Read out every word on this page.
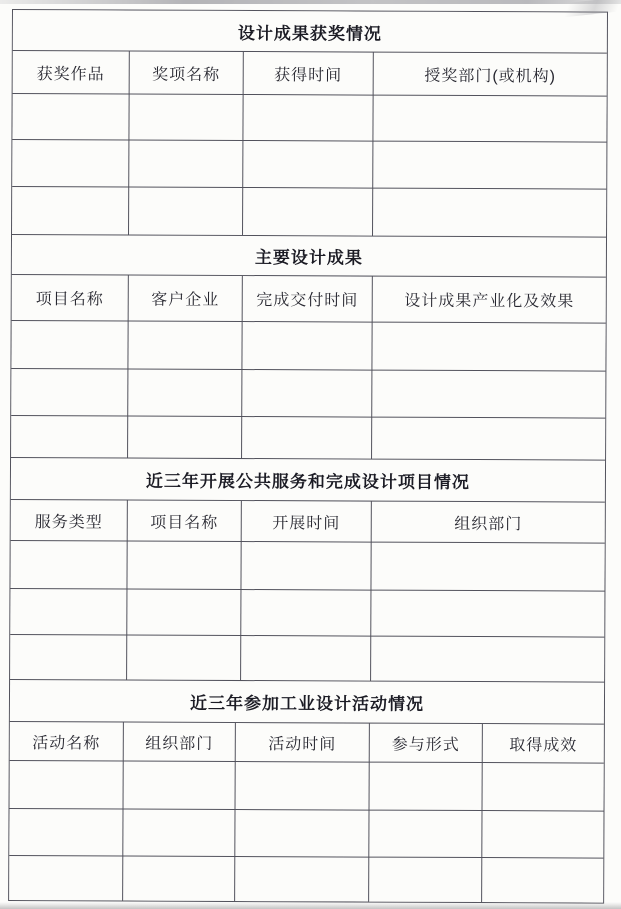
设计成果获奖情况
获奖作品	奖项名称	获得时间	授奖部门(或机构)
主要设计成果
项目名称	客户企业	完成交付时间	设计成果产业化及效果
近三年开展公共服务和完成设计项目情况
服务类型	项目名称	开展时间	组织部门
近三年参加工业设计活动情况
活动名称	组织部门	活动时间	参与形式	取得成效
